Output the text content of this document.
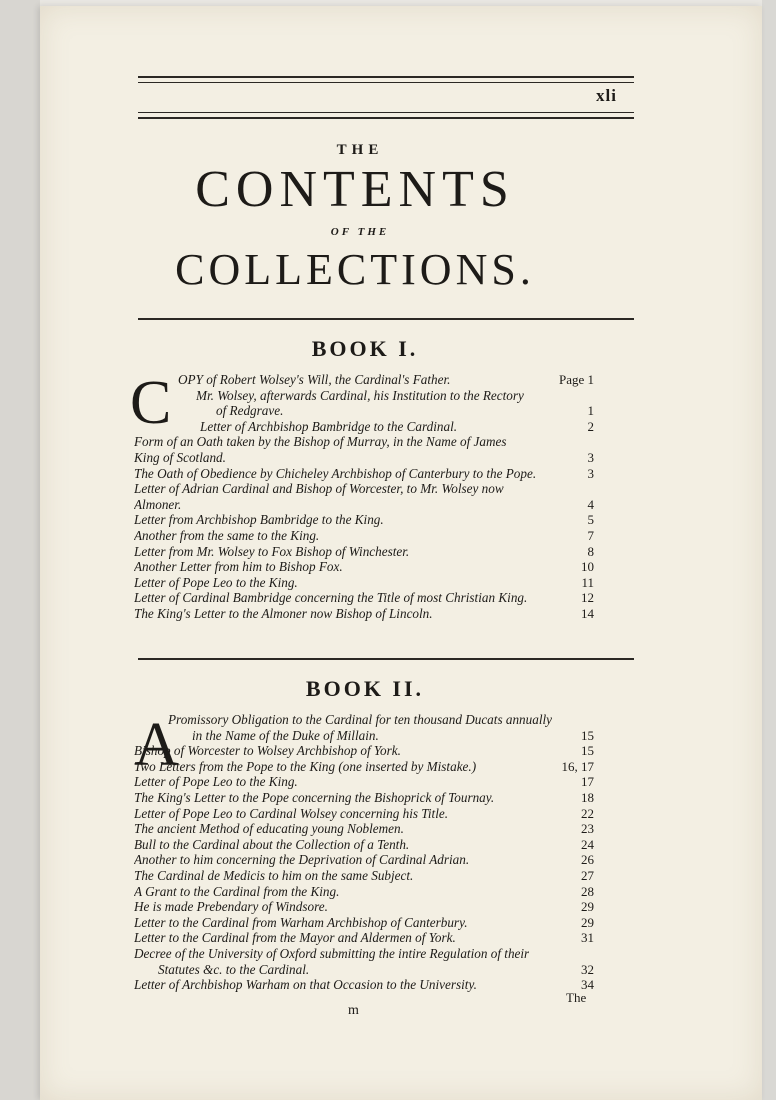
xli
THE
CONTENTS
OF THE
COLLECTIONS.
BOOK I.
C OPY of Robert Wolsey's Will, the Cardinal's Father.	Page 1
Mr. Wolsey, afterwards Cardinal, his Institution to the Rectory
of Redgrave.	1
Letter of Archbishop Bambridge to the Cardinal.	2
Form of an Oath taken by the Bishop of Murray, in the Name of James
King of Scotland.	3
The Oath of Obedience by Chicheley Archbishop of Canterbury to the Pope.	3
Letter of Adrian Cardinal and Bishop of Worcester, to Mr. Wolsey now
Almoner.	4
Letter from Archbishop Bambridge to the King.	5
Another from the same to the King.	7
Letter from Mr. Wolsey to Fox Bishop of Winchester.	8
Another Letter from him to Bishop Fox.	10
Letter of Pope Leo to the King.	11
Letter of Cardinal Bambridge concerning the Title of most Christian King.	12
The King's Letter to the Almoner now Bishop of Lincoln.	14
BOOK II.
A
Promissory Obligation to the Cardinal for ten thousand Ducats annually
in the Name of the Duke of Millain.	15
Bishop of Worcester to Wolsey Archbishop of York.	15
Two Letters from the Pope to the King (one inserted by Mistake.)	16, 17
Letter of Pope Leo to the King.	17
The King's Letter to the Pope concerning the Bishoprick of Tournay.	18
Letter of Pope Leo to Cardinal Wolsey concerning his Title.	22
The ancient Method of educating young Noblemen.	23
Bull to the Cardinal about the Collection of a Tenth.	24
Another to him concerning the Deprivation of Cardinal Adrian.	26
The Cardinal de Medicis to him on the same Subject.	27
A Grant to the Cardinal from the King.	28
He is made Prebendary of Windsore.	29
Letter to the Cardinal from Warham Archbishop of Canterbury.	29
Letter to the Cardinal from the Mayor and Aldermen of York.	31
Decree of the University of Oxford submitting the intire Regulation of their
Statutes &c. to the Cardinal.	32
Letter of Archbishop Warham on that Occasion to the University.	34
m
The
